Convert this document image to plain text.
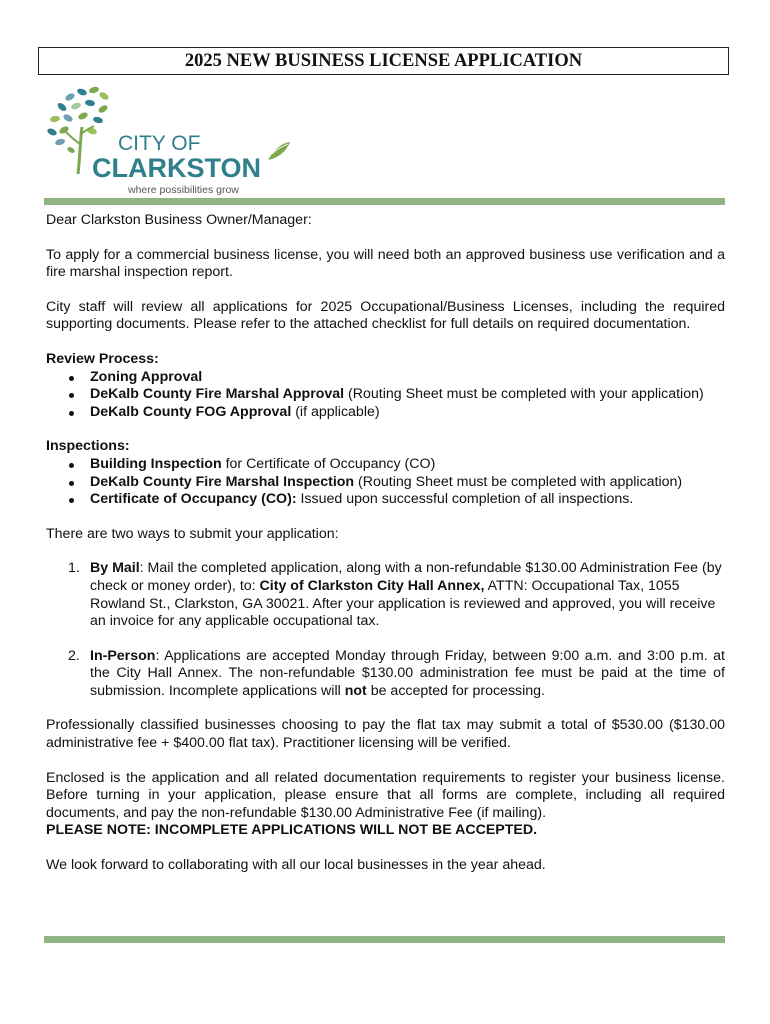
2025 NEW BUSINESS LICENSE APPLICATION
CITY OF
CLARKSTON
where possibilities grow

Dear Clarkston Business Owner/Manager:

To apply for a commercial business license, you will need both an approved business use verification and a fire marshal inspection report.

City staff will review all applications for 2025 Occupational/Business Licenses, including the required supporting documents. Please refer to the attached checklist for full details on required documentation.

Review Process:
Zoning Approval
DeKalb County Fire Marshal Approval (Routing Sheet must be completed with your application)
DeKalb County FOG Approval (if applicable)
Inspections:
Building Inspection for Certificate of Occupancy (CO)
DeKalb County Fire Marshal Inspection (Routing Sheet must be completed with application)
Certificate of Occupancy (CO): Issued upon successful completion of all inspections.

There are two ways to submit your application:

1. By Mail: Mail the completed application, along with a non-refundable $130.00 Administration Fee (by check or money order), to: City of Clarkston City Hall Annex, ATTN: Occupational Tax, 1055 Rowland St., Clarkston, GA 30021. After your application is reviewed and approved, you will receive an invoice for any applicable occupational tax.
2. In-Person: Applications are accepted Monday through Friday, between 9:00 a.m. and 3:00 p.m. at the City Hall Annex. The non-refundable $130.00 administration fee must be paid at the time of submission. Incomplete applications will not be accepted for processing.

Professionally classified businesses choosing to pay the flat tax may submit a total of $530.00 ($130.00 administrative fee + $400.00 flat tax). Practitioner licensing will be verified.

Enclosed is the application and all related documentation requirements to register your business license. Before turning in your application, please ensure that all forms are complete, including all required documents, and pay the non-refundable $130.00 Administrative Fee (if mailing).

PLEASE NOTE: INCOMPLETE APPLICATIONS WILL NOT BE ACCEPTED.

We look forward to collaborating with all our local businesses in the year ahead.
